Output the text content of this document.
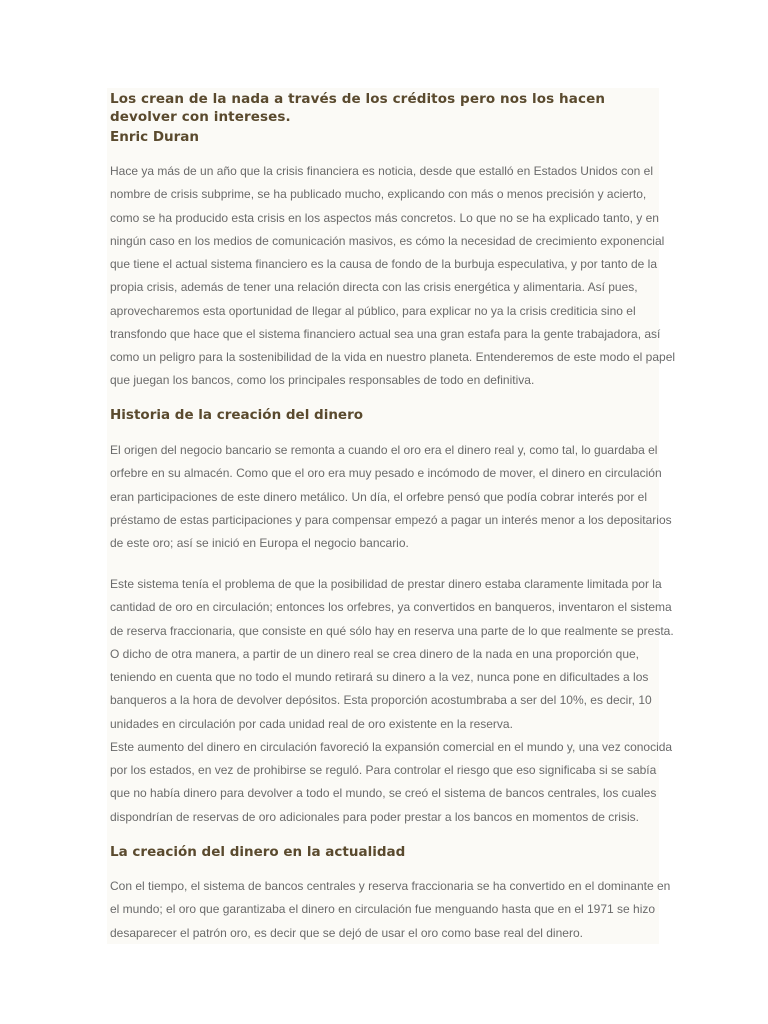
Los crean de la nada a través de los créditos pero nos los hacen devolver con intereses.
Enric Duran
Hace ya más de un año que la crisis financiera es noticia, desde que estalló en Estados Unidos con el
nombre de crisis subprime, se ha publicado mucho, explicando con más o menos precisión y acierto,
como se ha producido esta crisis en los aspectos más concretos. Lo que no se ha explicado tanto, y en
ningún caso en los medios de comunicación masivos, es cómo la necesidad de crecimiento exponencial
que tiene el actual sistema financiero es la causa de fondo de la burbuja especulativa, y por tanto de la
propia crisis, además de tener una relación directa con las crisis energética y alimentaria. Así pues,
aprovecharemos esta oportunidad de llegar al público, para explicar no ya la crisis crediticia sino el
transfondo que hace que el sistema financiero actual sea una gran estafa para la gente trabajadora, así
como un peligro para la sostenibilidad de la vida en nuestro planeta. Entenderemos de este modo el papel
que juegan los bancos, como los principales responsables de todo en definitiva.
Historia de la creación del dinero
El origen del negocio bancario se remonta a cuando el oro era el dinero real y, como tal, lo guardaba el
orfebre en su almacén. Como que el oro era muy pesado e incómodo de mover, el dinero en circulación
eran participaciones de este dinero metálico. Un día, el orfebre pensó que podía cobrar interés por el
préstamo de estas participaciones y para compensar empezó a pagar un interés menor a los depositarios
de este oro; así se inició en Europa el negocio bancario.
Este sistema tenía el problema de que la posibilidad de prestar dinero estaba claramente limitada por la
cantidad de oro en circulación; entonces los orfebres, ya convertidos en banqueros, inventaron el sistema
de reserva fraccionaria, que consiste en qué sólo hay en reserva una parte de lo que realmente se presta.
O dicho de otra manera, a partir de un dinero real se crea dinero de la nada en una proporción que,
teniendo en cuenta que no todo el mundo retirará su dinero a la vez, nunca pone en dificultades a los
banqueros a la hora de devolver depósitos. Esta proporción acostumbraba a ser del 10%, es decir, 10
unidades en circulación por cada unidad real de oro existente en la reserva.
Este aumento del dinero en circulación favoreció la expansión comercial en el mundo y, una vez conocida
por los estados, en vez de prohibirse se reguló. Para controlar el riesgo que eso significaba si se sabía
que no había dinero para devolver a todo el mundo, se creó el sistema de bancos centrales, los cuales
dispondrían de reservas de oro adicionales para poder prestar a los bancos en momentos de crisis.
La creación del dinero en la actualidad
Con el tiempo, el sistema de bancos centrales y reserva fraccionaria se ha convertido en el dominante en
el mundo; el oro que garantizaba el dinero en circulación fue menguando hasta que en el 1971 se hizo
desaparecer el patrón oro, es decir que se dejó de usar el oro como base real del dinero.
